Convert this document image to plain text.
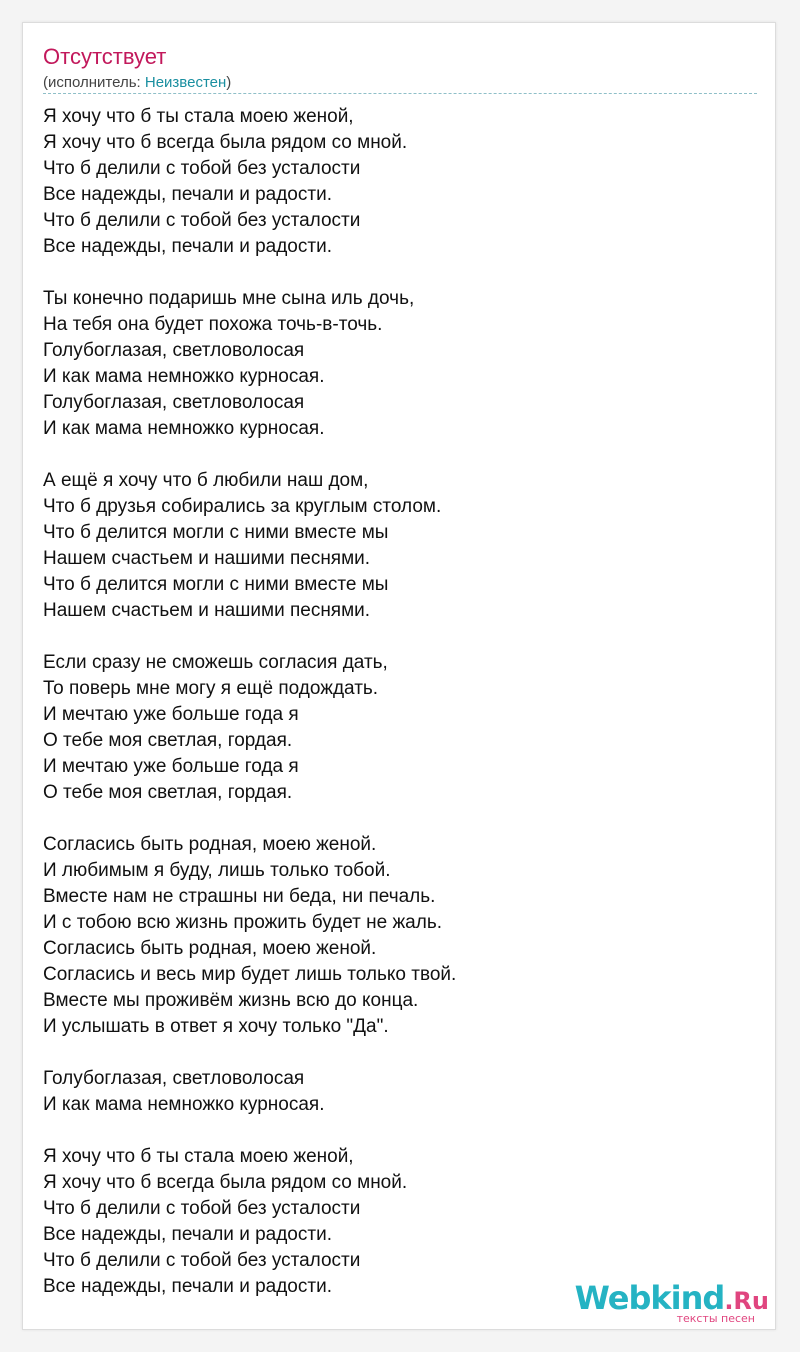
Отсутствует
(исполнитель: Неизвестен)
Я хочу что б ты стала моею женой,
Я хочу что б всегда была рядом со мной.
Что б делили с тобой без усталости
Все надежды, печали и радости.
Что б делили с тобой без усталости
Все надежды, печали и радости.
Ты конечно подаришь мне сына иль дочь,
На тебя она будет похожа точь-в-точь.
Голубоглазая, светловолосая
И как мама немножко курносая.
Голубоглазая, светловолосая
И как мама немножко курносая.
А ещё я хочу что б любили наш дом,
Что б друзья собирались за круглым столом.
Что б делится могли с ними вместе мы
Нашем счастьем и нашими песнями.
Что б делится могли с ними вместе мы
Нашем счастьем и нашими песнями.
Если сразу не сможешь согласия дать,
То поверь мне могу я ещё подождать.
И мечтаю уже больше года я
О тебе моя светлая, гордая.
И мечтаю уже больше года я
О тебе моя светлая, гордая.
Согласись быть родная, моею женой.
И любимым я буду, лишь только тобой.
Вместе нам не страшны ни беда, ни печаль.
И с тобою всю жизнь прожить будет не жаль.
Согласись быть родная, моею женой.
Согласись и весь мир будет лишь только твой.
Вместе мы проживём жизнь всю до конца.
И услышать в ответ я хочу только "Да".
Голубоглазая, светловолосая
И как мама немножко курносая.
Я хочу что б ты стала моею женой,
Я хочу что б всегда была рядом со мной.
Что б делили с тобой без усталости
Все надежды, печали и радости.
Что б делили с тобой без усталости
Все надежды, печали и радости.	Webkind.Ru
тексты песен
